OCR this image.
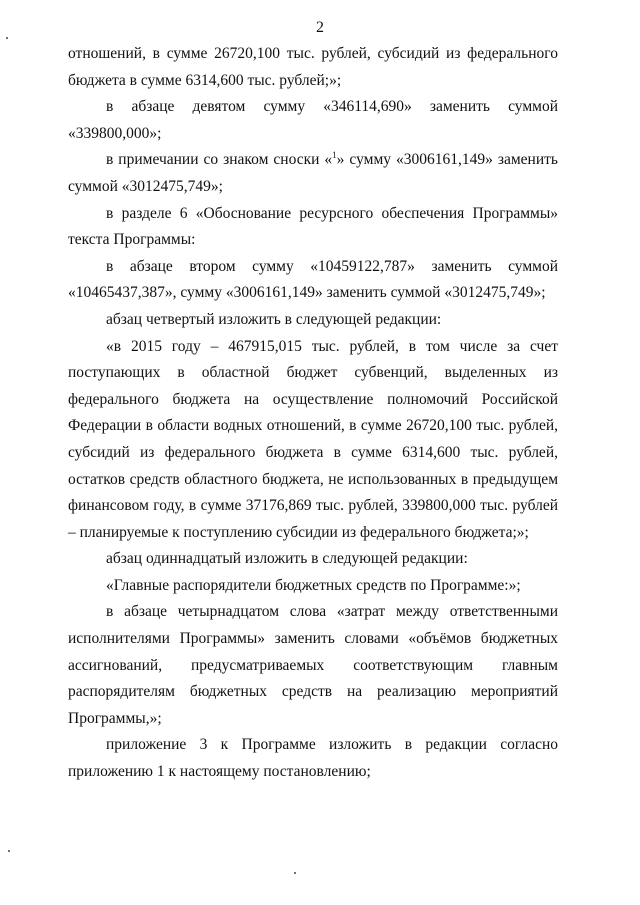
2

отношений, в сумме 26720,100 тыс. рублей, субсидий из федерального бюджета в сумме 6314,600 тыс. рублей;»;

в абзаце девятом сумму «346114,690» заменить суммой «339800,000»;

в примечании со знаком сноски «$^1$» сумму «3006161,149» заменить суммой «3012475,749»;

в разделе 6 «Обоснование ресурсного обеспечения Программы» текста Программы:

в абзаце втором сумму «10459122,787» заменить суммой «10465437,387», сумму «3006161,149» заменить суммой «3012475,749»;

абзац четвертый изложить в следующей редакции:

«в 2015 году – 467915,015 тыс. рублей, в том числе за счет поступающих в областной бюджет субвенций, выделенных из федерального бюджета на осуществление полномочий Российской Федерации в области водных отношений, в сумме 26720,100 тыс. рублей, субсидий из федерального бюджета в сумме 6314,600 тыс. рублей, остатков средств областного бюджета, не использованных в предыдущем финансовом году, в сумме 37176,869 тыс. рублей, 339800,000 тыс. рублей – планируемые к поступлению субсидии из федерального бюджета;»;

абзац одиннадцатый изложить в следующей редакции:

«Главные распорядители бюджетных средств по Программе:»;

в абзаце четырнадцатом слова «затрат между ответственными исполнителями Программы» заменить словами «объёмов бюджетных ассигнований, предусматриваемых соответствующим главным распорядителям бюджетных средств на реализацию мероприятий Программы,»;

приложение 3 к Программе изложить в редакции согласно приложению 1 к настоящему постановлению;
